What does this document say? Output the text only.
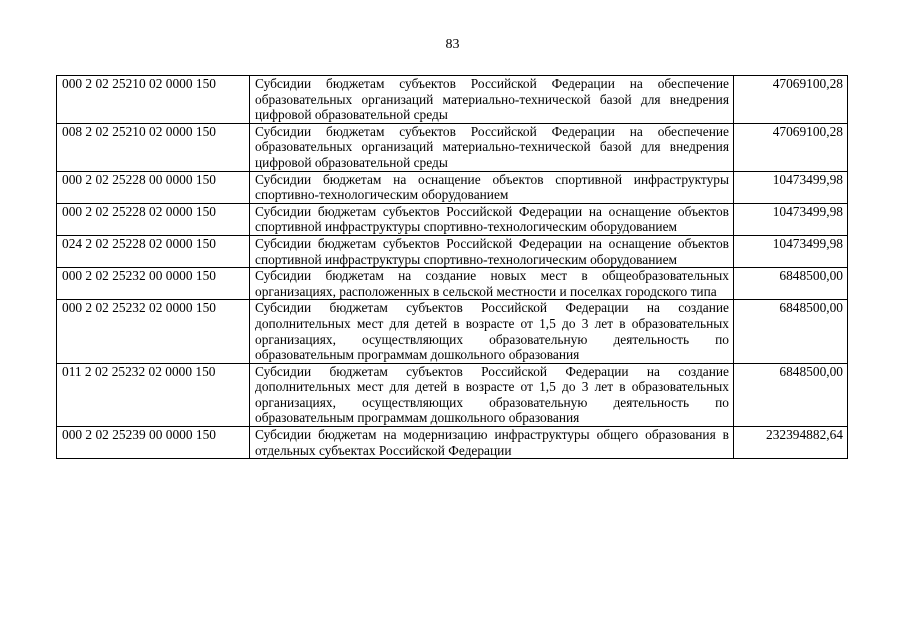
83
000 2 02 25210 02 0000 150	Субсидии бюджетам субъектов Российской Федерации на обеспечение образовательных организаций материально-технической базой для внедрения цифровой образовательной среды	47069100,28
008 2 02 25210 02 0000 150	Субсидии бюджетам субъектов Российской Федерации на обеспечение образовательных организаций материально-технической базой для внедрения цифровой образовательной среды	47069100,28
000 2 02 25228 00 0000 150	Субсидии бюджетам на оснащение объектов спортивной инфраструктуры спортивно-технологическим оборудованием	10473499,98
000 2 02 25228 02 0000 150	Субсидии бюджетам субъектов Российской Федерации на оснащение объектов спортивной инфраструктуры спортивно-технологическим оборудованием	10473499,98
024 2 02 25228 02 0000 150	Субсидии бюджетам субъектов Российской Федерации на оснащение объектов спортивной инфраструктуры спортивно-технологическим оборудованием	10473499,98
000 2 02 25232 00 0000 150	Субсидии бюджетам на создание новых мест в общеобразовательных организациях, расположенных в сельской местности и поселках городского типа	6848500,00
000 2 02 25232 02 0000 150	Субсидии бюджетам субъектов Российской Федерации на создание дополнительных мест для детей в возрасте от 1,5 до 3 лет в образовательных организациях, осуществляющих образовательную деятельность по образовательным программам дошкольного образования	6848500,00
011 2 02 25232 02 0000 150	Субсидии бюджетам субъектов Российской Федерации на создание дополнительных мест для детей в возрасте от 1,5 до 3 лет в образовательных организациях, осуществляющих образовательную деятельность по образовательным программам дошкольного образования	6848500,00
000 2 02 25239 00 0000 150	Субсидии бюджетам на модернизацию инфраструктуры общего образования в отдельных субъектах Российской Федерации	232394882,64
